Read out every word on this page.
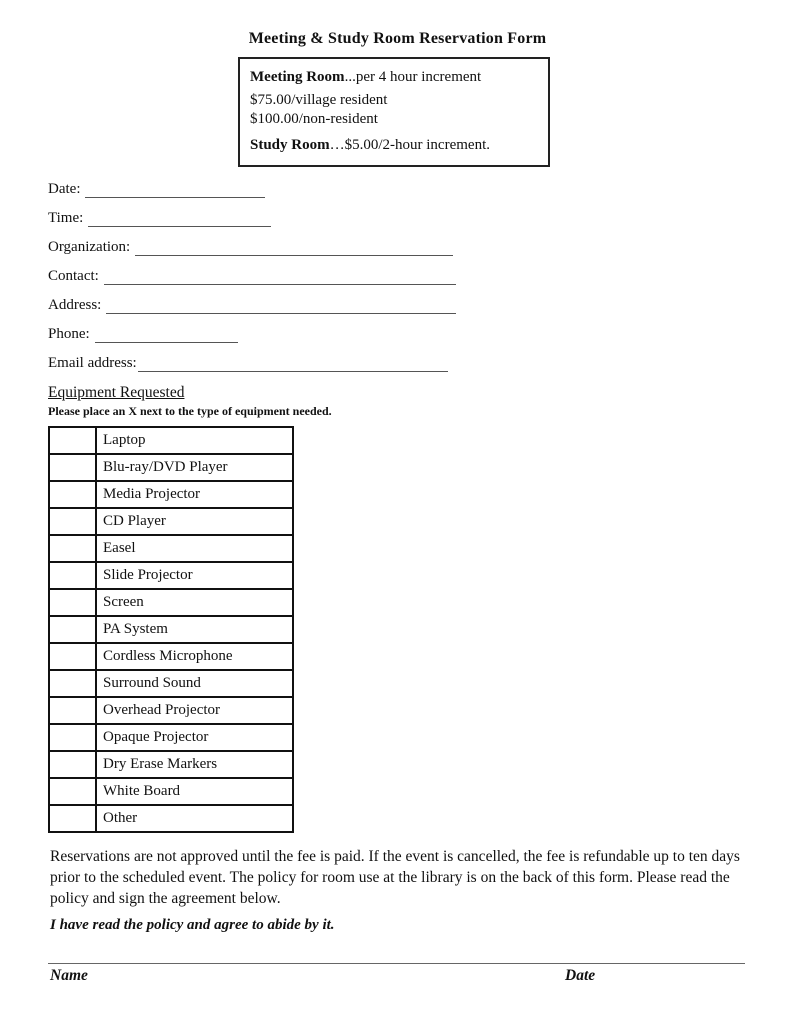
Meeting & Study Room Reservation Form
Meeting Room...per 4 hour increment
$75.00/village resident
$100.00/non-resident
Study Room…$5.00/2-hour increment.
Date:
Time:
Organization:
Contact:
Address:
Phone:
Email address:
Equipment Requested
Please place an X next to the type of equipment needed.
	Laptop
	Blu-ray/DVD Player
	Media Projector
	CD Player
	Easel
	Slide Projector
	Screen
	PA System
	Cordless Microphone
	Surround Sound
	Overhead Projector
	Opaque Projector
	Dry Erase Markers
	White Board
	Other

Reservations are not approved until the fee is paid. If the event is cancelled, the fee is refundable up to ten days prior to the scheduled event. The policy for room use at the library is on the back of this form. Please read the policy and sign the agreement below.

I have read the policy and agree to abide by it.

Name	Date
